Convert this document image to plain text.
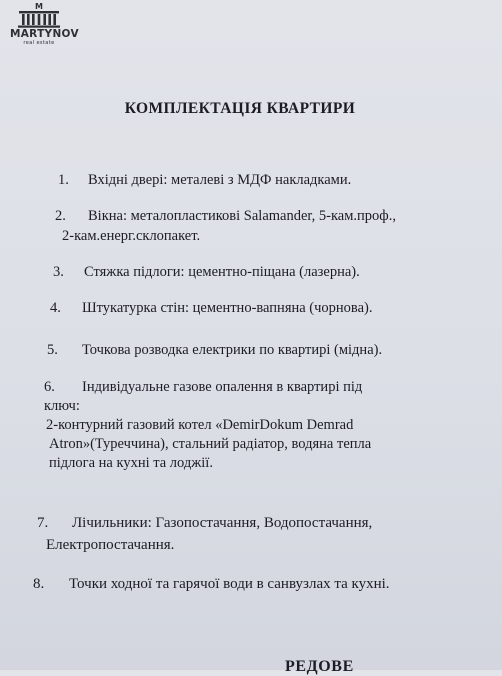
M
MARTYNOV
real estate
КОМПЛЕКТАЦІЯ КВАРТИРИ
1. Вхідні двері: металеві з МДФ накладками.
2. Вікна: металопластикові Salamander, 5-кам.проф.,
2-кам.енерг.склопакет.
3. Стяжка підлоги: цементно-піщана (лазерна).
4. Штукатурка стін: цементно-вапняна (чорнова).
5. Точкова розводка електрики по квартирі (мідна).
6. Індивідуальне газове опалення в квартирі під
ключ:
2-контурний газовий котел «DemirDokum Demrad
Atron»(Туреччина), стальний радіатор, водяна тепла
підлога на кухні та лоджії.
7. Лічильники: Газопостачання, Водопостачання,
Електропостачання.
8. Точки ходної та гарячої води в санвузлах та кухні.
РЕДОВЕ
